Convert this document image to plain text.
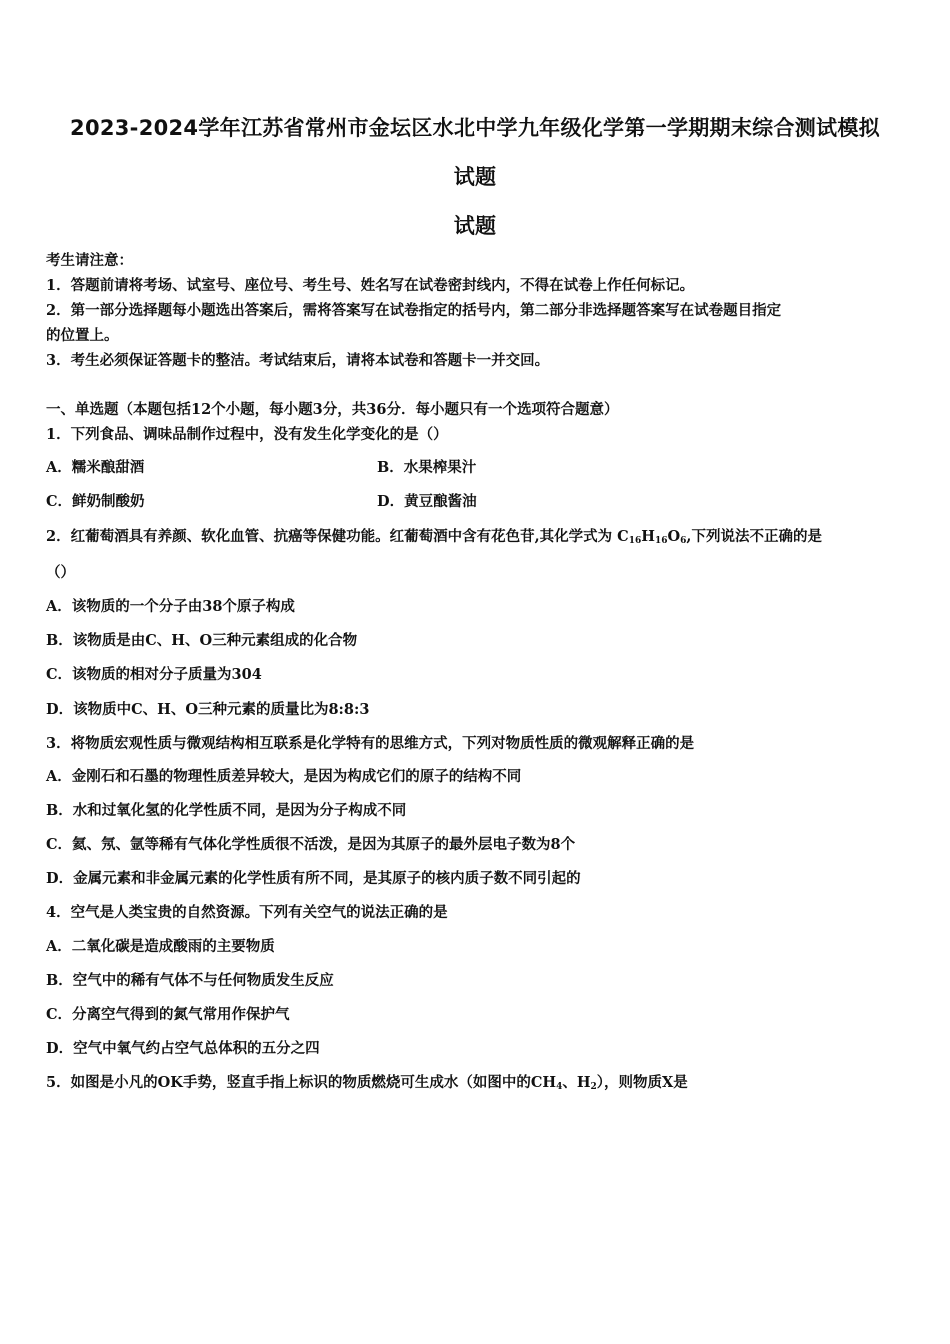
2023-2024学年江苏省常州市金坛区水北中学九年级化学第一学期期末综合测试模拟
试题
试题
考生请注意：
1．答题前请将考场、试室号、座位号、考生号、姓名写在试卷密封线内，不得在试卷上作任何标记。
2．第一部分选择题每小题选出答案后，需将答案写在试卷指定的括号内，第二部分非选择题答案写在试卷题目指定
的位置上。
3．考生必须保证答题卡的整洁。考试结束后，请将本试卷和答题卡一并交回。
一、单选题（本题包括12个小题，每小题3分，共36分．每小题只有一个选项符合题意）
1．下列食品、调味品制作过程中，没有发生化学变化的是（）
A．糯米酿甜酒	B．水果榨果汁
C．鲜奶制酸奶	D．黄豆酿酱油
2．红葡萄酒具有养颜、软化血管、抗癌等保健功能。红葡萄酒中含有花色苷,其化学式为 $C_{16}H_{16}O_6$,下列说法不正确的是
（）
A．该物质的一个分子由38个原子构成
B．该物质是由C、H、O三种元素组成的化合物
C．该物质的相对分子质量为304
D．该物质中C、H、O三种元素的质量比为8:8:3
3．将物质宏观性质与微观结构相互联系是化学特有的思维方式，下列对物质性质的微观解释正确的是
A．金刚石和石墨的物理性质差异较大，是因为构成它们的原子的结构不同
B．水和过氧化氢的化学性质不同，是因为分子构成不同
C．氦、氖、氩等稀有气体化学性质很不活泼，是因为其原子的最外层电子数为8个
D．金属元素和非金属元素的化学性质有所不同，是其原子的核内质子数不同引起的
4．空气是人类宝贵的自然资源。下列有关空气的说法正确的是
A．二氧化碳是造成酸雨的主要物质
B．空气中的稀有气体不与任何物质发生反应
C．分离空气得到的氮气常用作保护气
D．空气中氧气约占空气总体积的五分之四
5．如图是小凡的OK手势，竖直手指上标识的物质燃烧可生成水（如图中的$CH_4$、$H_2$），则物质X是
